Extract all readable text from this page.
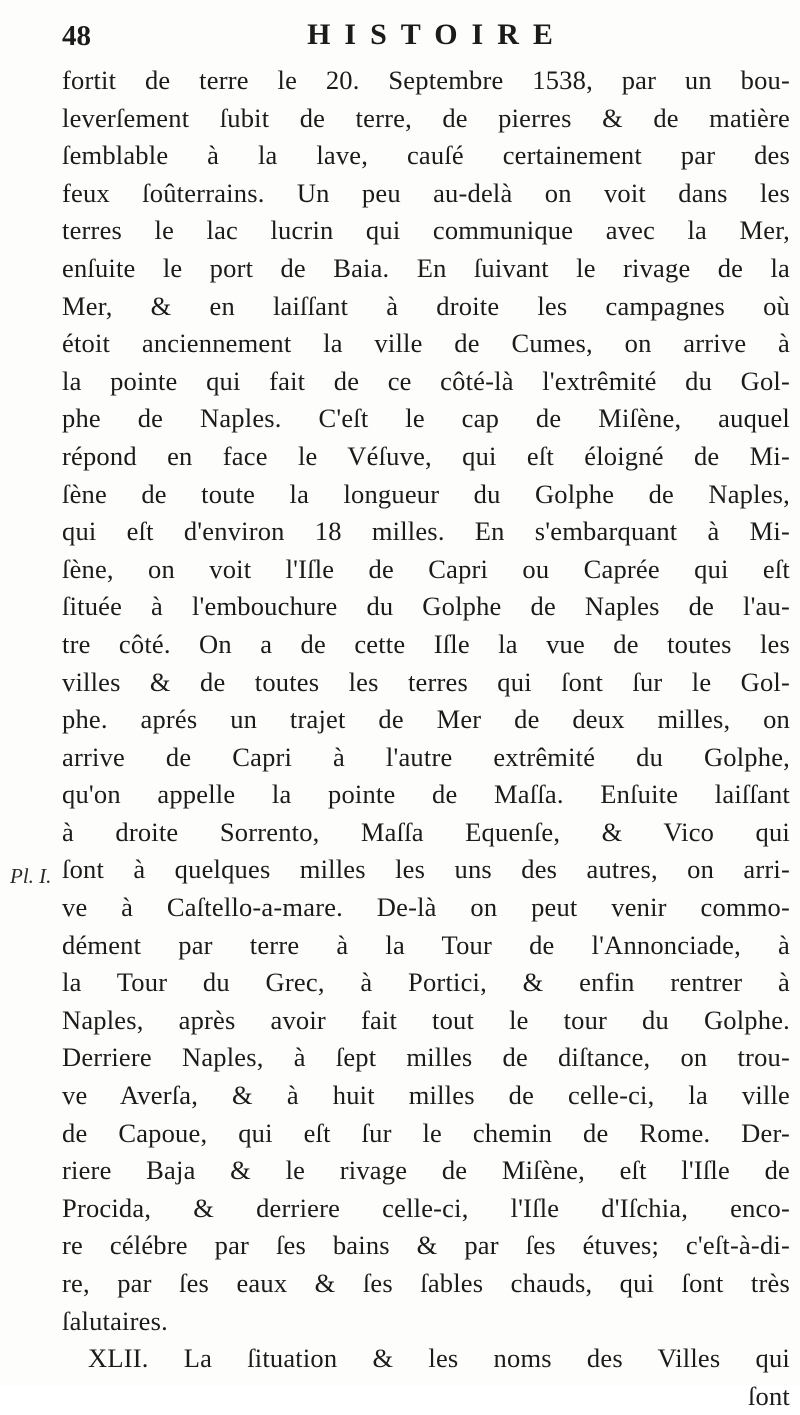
48	HISTOIRE
Pl. I.
fortit de terre le 20. Septembre 1538, par un bou-
leverſement ſubit de terre, de pierres & de matière
ſemblable à la lave, cauſé certainement par des
feux ſoûterrains. Un peu au-delà on voit dans les
terres le lac lucrin qui communique avec la Mer,
enſuite le port de Baia. En ſuivant le rivage de la
Mer, & en laiſſant à droite les campagnes où
étoit anciennement la ville de Cumes, on arrive à
la pointe qui fait de ce côté-là l'extrêmité du Gol-
phe de Naples. C'eſt le cap de Miſène, auquel
répond en face le Véſuve, qui eſt éloigné de Mi-
ſène de toute la longueur du Golphe de Naples,
qui eſt d'environ 18 milles. En s'embarquant à Mi-
ſène, on voit l'Iſle de Capri ou Caprée qui eſt
ſituée à l'embouchure du Golphe de Naples de l'au-
tre côté. On a de cette Iſle la vue de toutes les
villes & de toutes les terres qui ſont ſur le Gol-
phe. aprés un trajet de Mer de deux milles, on
arrive de Capri à l'autre extrêmité du Golphe,
qu'on appelle la pointe de Maſſa. Enſuite laiſſant
à droite Sorrento, Maſſa Equenſe, & Vico qui
ſont à quelques milles les uns des autres, on arri-
ve à Caſtello-a-mare. De-là on peut venir commo-
dément par terre à la Tour de l'Annonciade, à
la Tour du Grec, à Portici, & enfin rentrer à
Naples, après avoir fait tout le tour du Golphe.
Derriere Naples, à ſept milles de diſtance, on trou-
ve Averſa, & à huit milles de celle-ci, la ville
de Capoue, qui eſt ſur le chemin de Rome. Der-
riere Baja & le rivage de Miſène, eſt l'Iſle de
Procida, & derriere celle-ci, l'Iſle d'Iſchia, enco-
re célébre par ſes bains & par ſes étuves; c'eſt-à-di-
re, par ſes eaux & ſes ſables chauds, qui ſont très
ſalutaires.
XLII. La ſituation & les noms des Villes qui
ſont
